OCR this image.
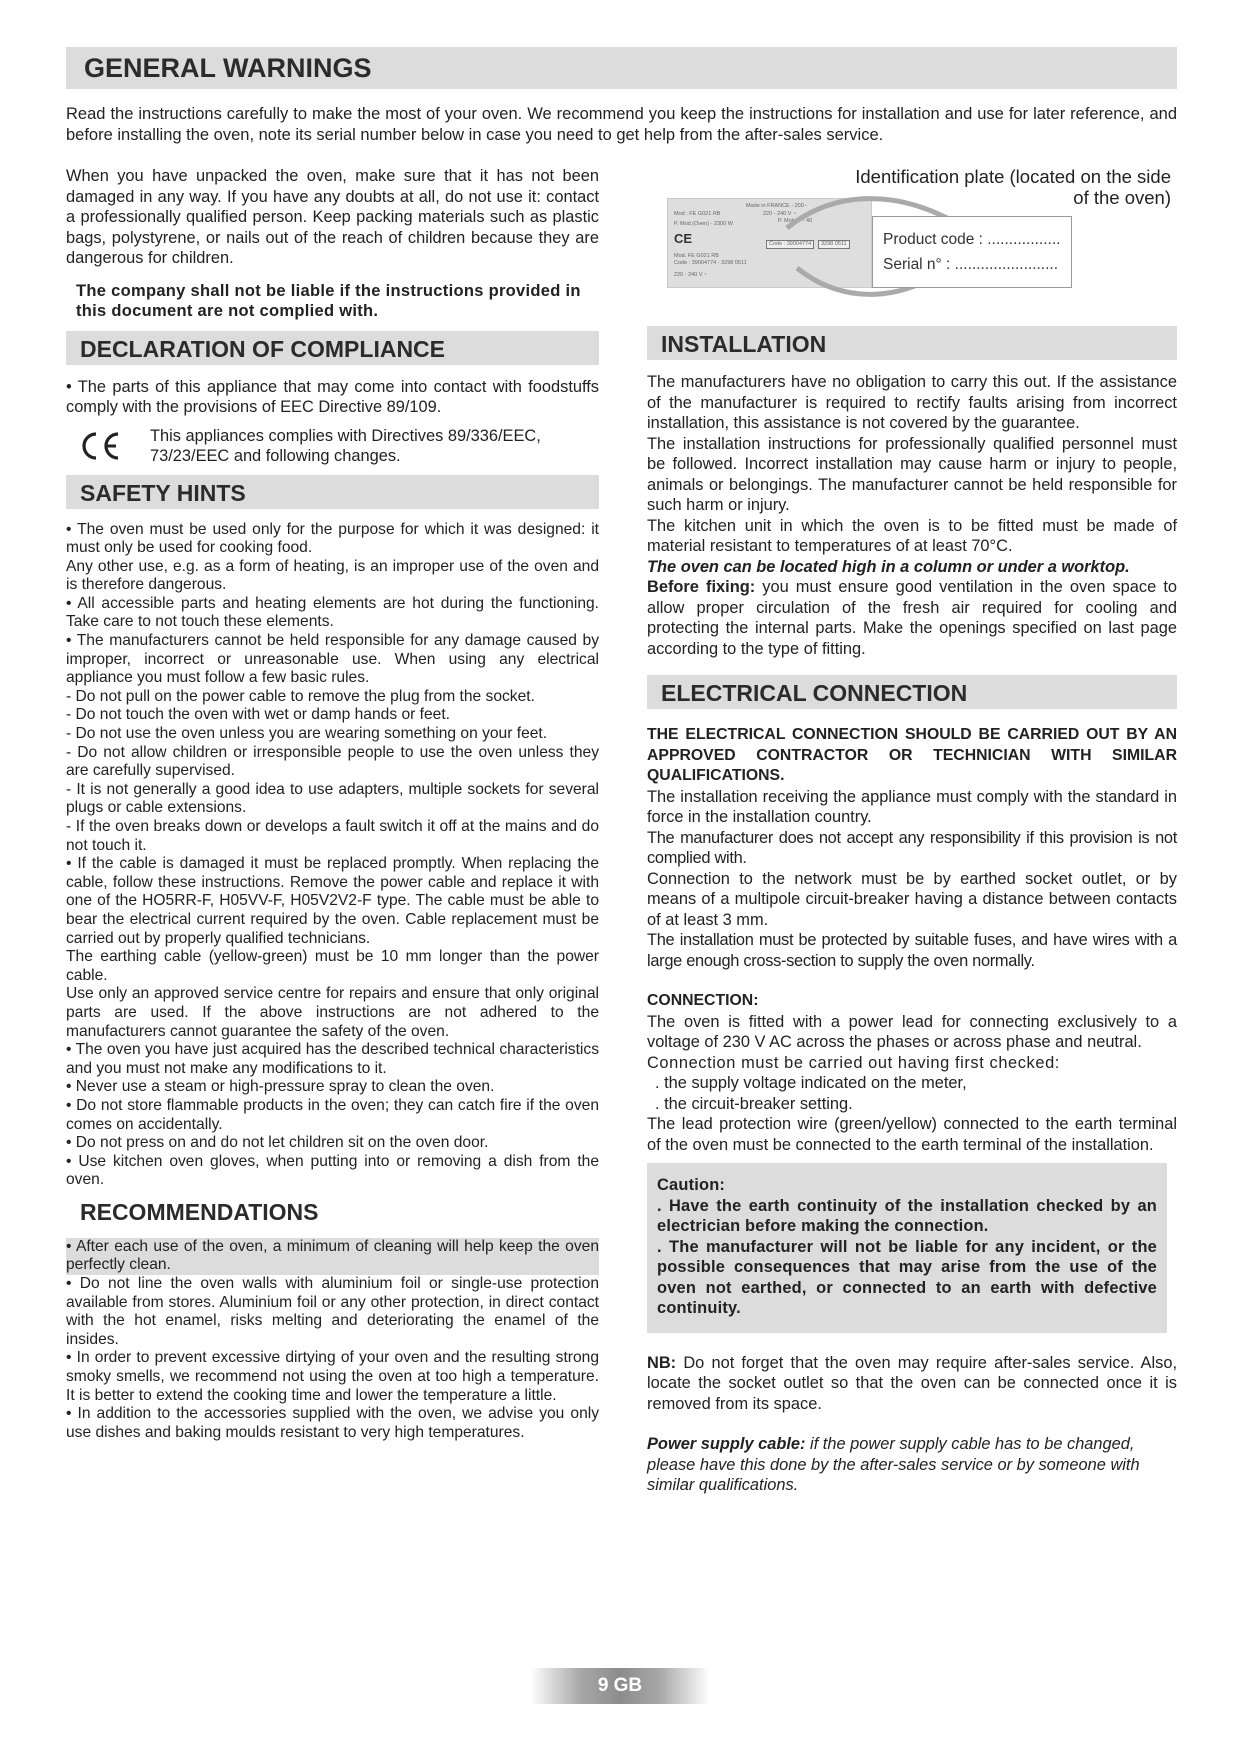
GENERAL WARNINGS
Read the instructions carefully to make the most of your oven. We recommend you keep the instructions for installation and use for later reference, and before installing the oven, note its serial number below in case you need to get help from the after-sales service.
When you have unpacked the oven, make sure that it has not been damaged in any way. If you have any doubts at all, do not use it: contact a professionally qualified person. Keep packing materials such as plastic bags, polystyrene, or nails out of the reach of children because they are dangerous for children.
The company shall not be liable if the instructions provided in this document are not complied with.
DECLARATION OF COMPLIANCE
• The parts of this appliance that may come into contact with foodstuffs comply with the provisions of EEC Directive 89/109.
This appliances complies with Directives 89/336/EEC, 73/23/EEC and following changes.
SAFETY HINTS
• The oven must be used only for the purpose for which it was designed: it must only be used for cooking food.
Any other use, e.g. as a form of heating, is an improper use of the oven and is therefore dangerous.
• All accessible parts and heating elements are hot during the functioning. Take care to not touch these elements.
• The manufacturers cannot be held responsible for any damage caused by improper, incorrect or unreasonable use. When using any electrical appliance you must follow a few basic rules.
- Do not pull on the power cable to remove the plug from the socket.
- Do not touch the oven with wet or damp hands or feet.
- Do not use the oven unless you are wearing something on your feet.
- Do not allow children or irresponsible people to use the oven unless they are carefully supervised.
- It is not generally a good idea to use adapters, multiple sockets for several plugs or cable extensions.
- If the oven breaks down or develops a fault switch it off at the mains and do not touch it.
• If the cable is damaged it must be replaced promptly. When replacing the cable, follow these instructions. Remove the power cable and replace it with one of the HO5RR-F, H05VV-F, H05V2V2-F type. The cable must be able to bear the electrical current required by the oven. Cable replacement must be carried out by properly qualified technicians.
The earthing cable (yellow-green) must be 10 mm longer than the power cable.
Use only an approved service centre for repairs and ensure that only original parts are used. If the above instructions are not adhered to the manufacturers cannot guarantee the safety of the oven.
• The oven you have just acquired has the described technical characteristics and you must not make any modifications to it.
• Never use a steam or high-pressure spray to clean the oven.
• Do not store flammable products in the oven; they can catch fire if the oven comes on accidentally.
• Do not press on and do not let children sit on the oven door.
• Use kitchen oven gloves, when putting into or removing a dish from the oven.
RECOMMENDATIONS
• After each use of the oven, a minimum of cleaning will help keep the oven perfectly clean.
• Do not line the oven walls with aluminium foil or single-use protection available from stores. Aluminium foil or any other protection, in direct contact with the hot enamel, risks melting and deteriorating the enamel of the insides.
• In order to prevent excessive dirtying of your oven and the resulting strong smoky smells, we recommend not using the oven at too high a temperature. It is better to extend the cooking time and lower the temperature a little.
• In addition to the accessories supplied with the oven, we advise you only use dishes and baking moulds resistant to very high temperatures.
Identification plate (located on the side of the oven)
Made in FRANCE - 200 -
Mod : FE G021 RB	220 - 240 V ~
P. Moteur - 40
P. Mod.(Oven) - 2300 W
CE	Code : 39004774	3298 0511
Mod. FE G021 RB
Code : 39004774 - 3298 0511
220 - 240 V ~
Product code : .................
Serial n° : ........................
INSTALLATION
The manufacturers have no obligation to carry this out. If the assistance of the manufacturer is required to rectify faults arising from incorrect installation, this assistance is not covered by the guarantee.
The installation instructions for professionally qualified personnel must be followed. Incorrect installation may cause harm or injury to people, animals or belongings. The manufacturer cannot be held responsible for such harm or injury.
The kitchen unit in which the oven is to be fitted must be made of material resistant to temperatures of at least 70°C.
The oven can be located high in a column or under a worktop.
Before fixing: you must ensure good ventilation in the oven space to allow proper circulation of the fresh air required for cooling and protecting the internal parts. Make the openings specified on last page according to the type of fitting.
ELECTRICAL CONNECTION
THE ELECTRICAL CONNECTION SHOULD BE CARRIED OUT BY AN APPROVED CONTRACTOR OR TECHNICIAN WITH SIMILAR QUALIFICATIONS.
The installation receiving the appliance must comply with the standard in force in the installation country.
The manufacturer does not accept any responsibility if this provision is not complied with.
Connection to the network must be by earthed socket outlet, or by means of a multipole circuit-breaker having a distance between contacts of at least 3 mm.
The installation must be protected by suitable fuses, and have wires with a large enough cross-section to supply the oven normally.
CONNECTION:
The oven is fitted with a power lead for connecting exclusively to a voltage of 230 V AC across the phases or across phase and neutral.
Connection must be carried out having first checked:
. the supply voltage indicated on the meter,
. the circuit-breaker setting.
The lead protection wire (green/yellow) connected to the earth terminal of the oven must be connected to the earth terminal of the installation.
Caution:
. Have the earth continuity of the installation checked by an electrician before making the connection.
. The manufacturer will not be liable for any incident, or the possible consequences that may arise from the use of the oven not earthed, or connected to an earth with defective continuity.
NB: Do not forget that the oven may require after-sales service. Also, locate the socket outlet so that the oven can be connected once it is removed from its space.
Power supply cable: if the power supply cable has to be changed, please have this done by the after-sales service or by someone with similar qualifications.
9 GB
